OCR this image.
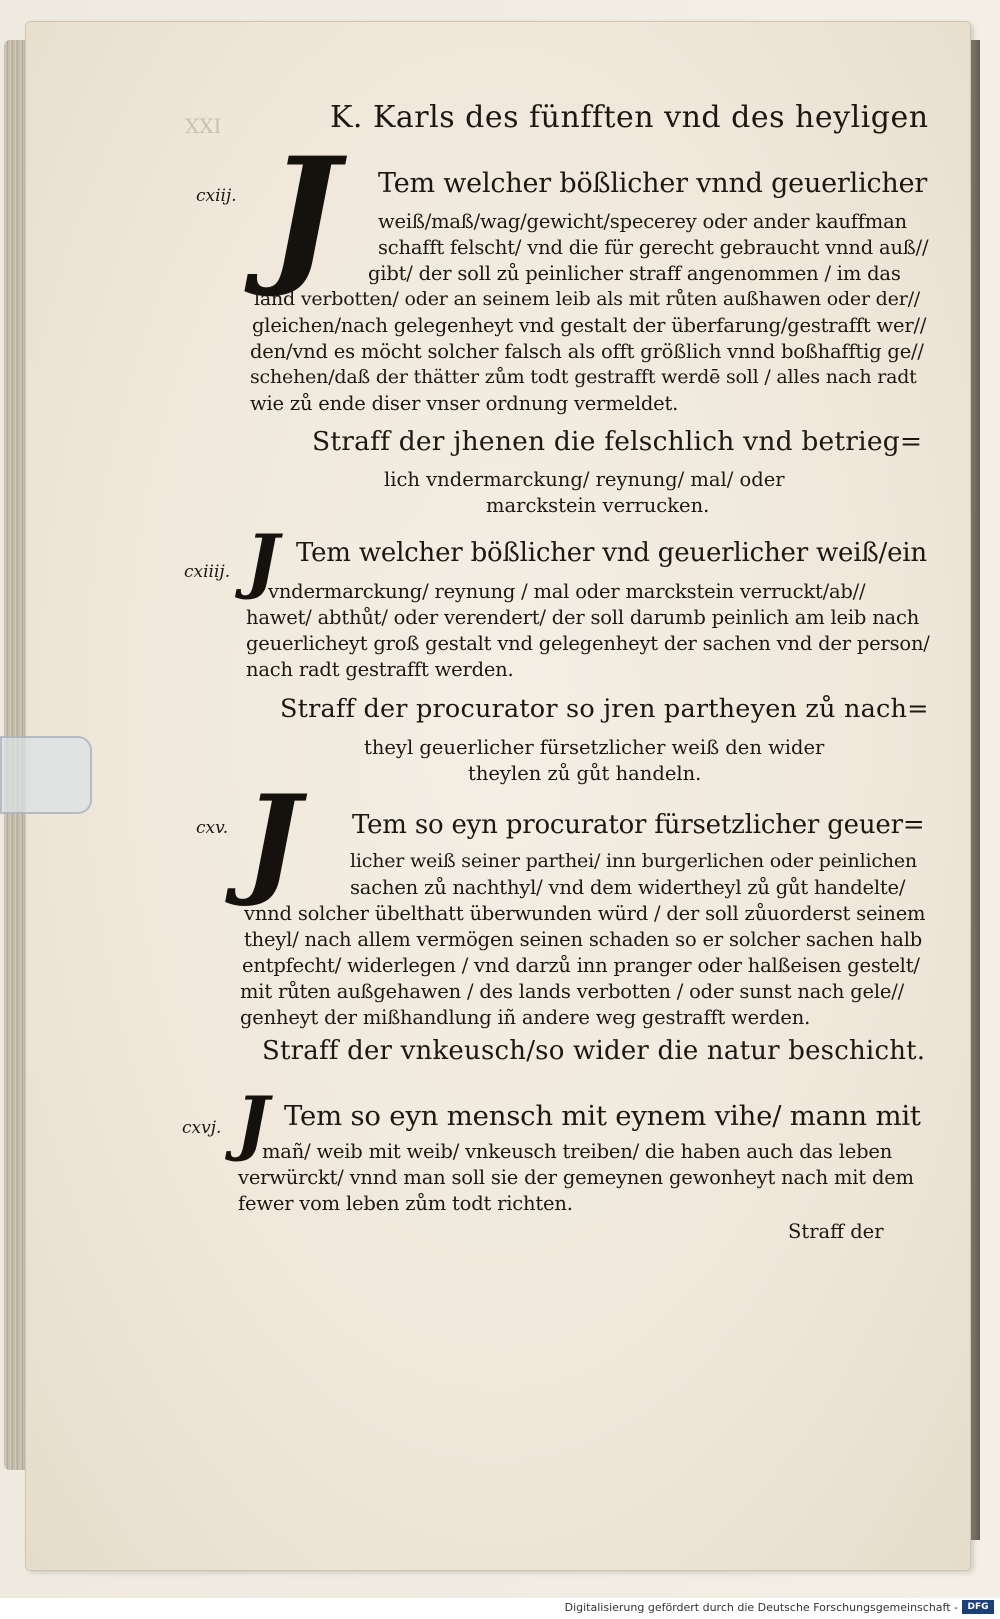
XXI	K. Karls des fünfften vnd des heyligen
cxiij. J Tem welcher bößlicher vnnd geuerlicher
weiß/maß/wag/gewicht/specerey oder ander kauffman
schafft felscht/ vnd die für gerecht gebraucht vnnd auß//
gibt/ der soll zů peinlicher straff angenommen / im das
land verbotten/ oder an seinem leib als mit růten außhawen oder der//
gleichen/nach gelegenheyt vnd gestalt der überfarung/gestrafft wer//
den/vnd es möcht solcher falsch als offt größlich vnnd boßhafftig ge//
schehen/daß der thätter zům todt gestrafft werdē soll / alles nach radt
wie zů ende diser vnser ordnung vermeldet.
Straff der jhenen die felschlich vnd betrieg=
lich vndermarckung/ reynung/ mal/ oder
marckstein verrucken.
cxiiij. J Tem welcher bößlicher vnd geuerlicher weiß/ein
vndermarckung/ reynung / mal oder marckstein verruckt/ab//
hawet/ abthůt/ oder verendert/ der soll darumb peinlich am leib nach
geuerlicheyt groß gestalt vnd gelegenheyt der sachen vnd der person/
nach radt gestrafft werden.
Straff der procurator so jren partheyen zů nach=
theyl geuerlicher fürsetzlicher weiß den wider
theylen zů gůt handeln.
cxv. J Tem so eyn procurator fürsetzlicher geuer=
licher weiß seiner parthei/ inn burgerlichen oder peinlichen
sachen zů nachthyl/ vnd dem widertheyl zů gůt handelte/
vnnd solcher übelthatt überwunden würd / der soll zůuorderst seinem
theyl/ nach allem vermögen seinen schaden so er solcher sachen halb
entpfecht/ widerlegen / vnd darzů inn pranger oder halßeisen gestelt/
mit růten außgehawen / des lands verbotten / oder sunst nach gele//
genheyt der mißhandlung iñ andere weg gestrafft werden.
Straff der vnkeusch/so wider die natur beschicht.
cxvj. J Tem so eyn mensch mit eynem vihe/ mann mit
mañ/ weib mit weib/ vnkeusch treiben/ die haben auch das leben
verwürckt/ vnnd man soll sie der gemeynen gewonheyt nach mit dem
fewer vom leben zům todt richten.
Straff der
Digitalisierung gefördert durch die Deutsche Forschungsgemeinschaft -	DFG
